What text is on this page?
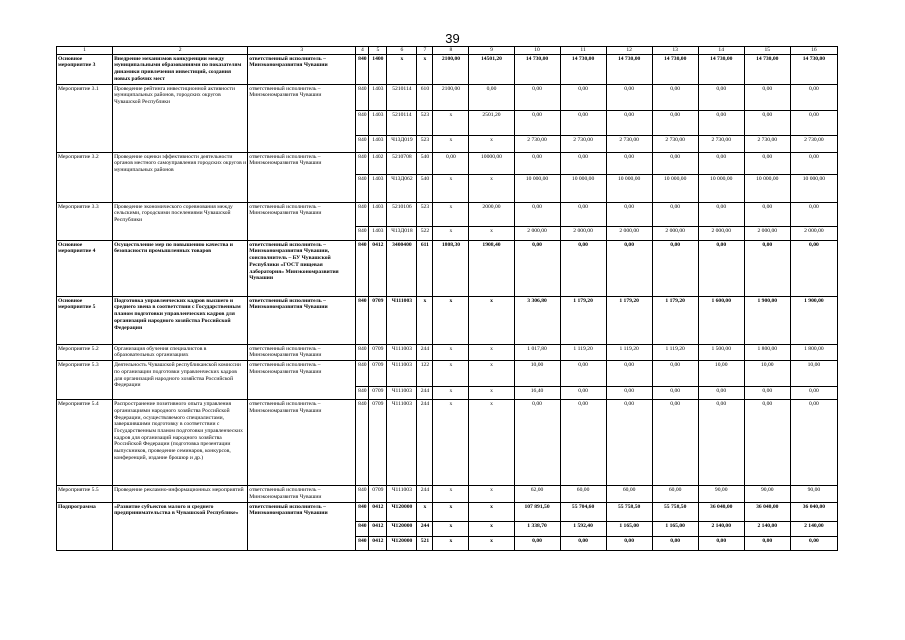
39
1	2	3	4	5	6	7	8	9	10	11	12	13	14	15	16
Основное мероприятие 3	Внедрение механизмов конкуренции между муниципальными образованиями по показателям динамики привлечения инвестиций, создания новых рабочих мест	ответственный исполнитель – Минэкономразвития Чувашии	840	1400	х	х	2100,00	14501,20	14 730,00	14 730,00	14 730,00	14 730,00	14 730,00	14 730,00	14 730,00
Мероприятие 3.1	Проведение рейтинга инвестиционной активности муниципальных районов, городских округов Чувашской Республики	ответственный исполнитель – Минэкономразвития Чувашии	840	1403	5210114	610	2100,00	0,00	0,00	0,00	0,00	0,00	0,00	0,00	0,00
			840	1403	5210114	523	х	2501,20	0,00	0,00	0,00	0,00	0,00	0,00	0,00
			840	1403	Ч13Д019	523	х	х	2 730,00	2 730,00	2 730,00	2 730,00	2 730,00	2 730,00	2 730,00
Мероприятие 3.2	Проведение оценки эффективности деятельности органов местного самоуправления городских округов и муниципальных районов	ответственный исполнитель – Минэкономразвития Чувашии	840	1402	5210708	540	0,00	10000,00	0,00	0,00	0,00	0,00	0,00	0,00	0,00
			840	1403	Ч13Д062	540	х	х	10 000,00	10 000,00	10 000,00	10 000,00	10 000,00	10 000,00	10 000,00
Мероприятие 3.3	Проведение экономического соревнования между сельскими, городскими поселениями Чувашской Республики	ответственный исполнитель – Минэкономразвития Чувашии	840	1403	5210106	523	х	2000,00	0,00	0,00	0,00	0,00	0,00	0,00	0,00
			840	1403	Ч13Д018	522	х	х	2 000,00	2 000,00	2 000,00	2 000,00	2 000,00	2 000,00	2 000,00
Основное мероприятие 4	Осуществление мер по повышению качества и безопасности промышленных товаров	ответственный исполнитель – Минэкономразвития Чувашии, соисполнитель – БУ Чувашской Республики «ГОСТ пищевая лаборатория» Минэкономразвития Чувашии	840	0412	3400400	611	1808,30	1908,40	0,00	0,00	0,00	0,00	0,00	0,00	0,00
Основное мероприятие 5	Подготовка управленческих кадров высшего и среднего звена в соответствии с Государственным планом подготовки управленческих кадров для организаций народного хозяйства Российской Федерации	ответственный исполнитель – Минэкономразвития Чувашии	840	0709	Ч111003	х	х	х	3 306,80	1 179,20	1 179,20	1 179,20	1 600,00	1 900,00	1 900,00
Мероприятие 5.2	Организация обучения специалистов в образовательных организациях	ответственный исполнитель – Минэкономразвития Чувашии	840	0709	Ч111003	244	х	х	1 017,80	1 119,20	1 119,20	1 119,20	1 500,00	1 800,00	1 800,00
Мероприятие 5.3	Деятельность Чувашской республиканской комиссии по организации подготовки управленческих кадров для организаций народного хозяйства Российской Федерации	ответственный исполнитель – Минэкономразвития Чувашии	840	0709	Ч111003	122	х	х	10,00	0,00	0,00	0,00	10,00	10,00	10,00
			840	0709	Ч111003	244	х	х	16,40	0,00	0,00	0,00	0,00	0,00	0,00
Мероприятие 5.4	Распространение позитивного опыта управления организациями народного хозяйства Российской Федерации, осуществляемого специалистами, завершившими подготовку в соответствии с Государственным планом подготовки управленческих кадров для организаций народного хозяйства Российской Федерации (подготовка презентации выпускников, проведение семинаров, конкурсов, конференций, издание брошюр и др.)	ответственный исполнитель – Минэкономразвития Чувашии	840	0709	Ч111003	244	х	х	0,00	0,00	0,00	0,00	0,00	0,00	0,00
Мероприятие 5.5	Проведение рекламно-информационных мероприятий	ответственный исполнитель – Минэкономразвития Чувашии	840	0709	Ч111003	244	х	х	62,00	60,00	60,00	60,00	90,00	90,00	90,00
Подпрограмма	«Развитие субъектов малого и среднего предпринимательства в Чувашской Республике»	ответственный исполнитель – Минэкономразвития Чувашии	840	0412	Ч120000	х	х	х	107 891,50	55 704,60	55 758,50	55 758,50	36 040,00	36 040,00	36 040,00
			840	0412	Ч120000	244	х	х	1 338,70	1 592,40	1 165,00	1 165,00	2 140,00	2 140,00	2 140,00
			840	0412	Ч120000	521	х	х	0,00	0,00	0,00	0,00	0,00	0,00	0,00
